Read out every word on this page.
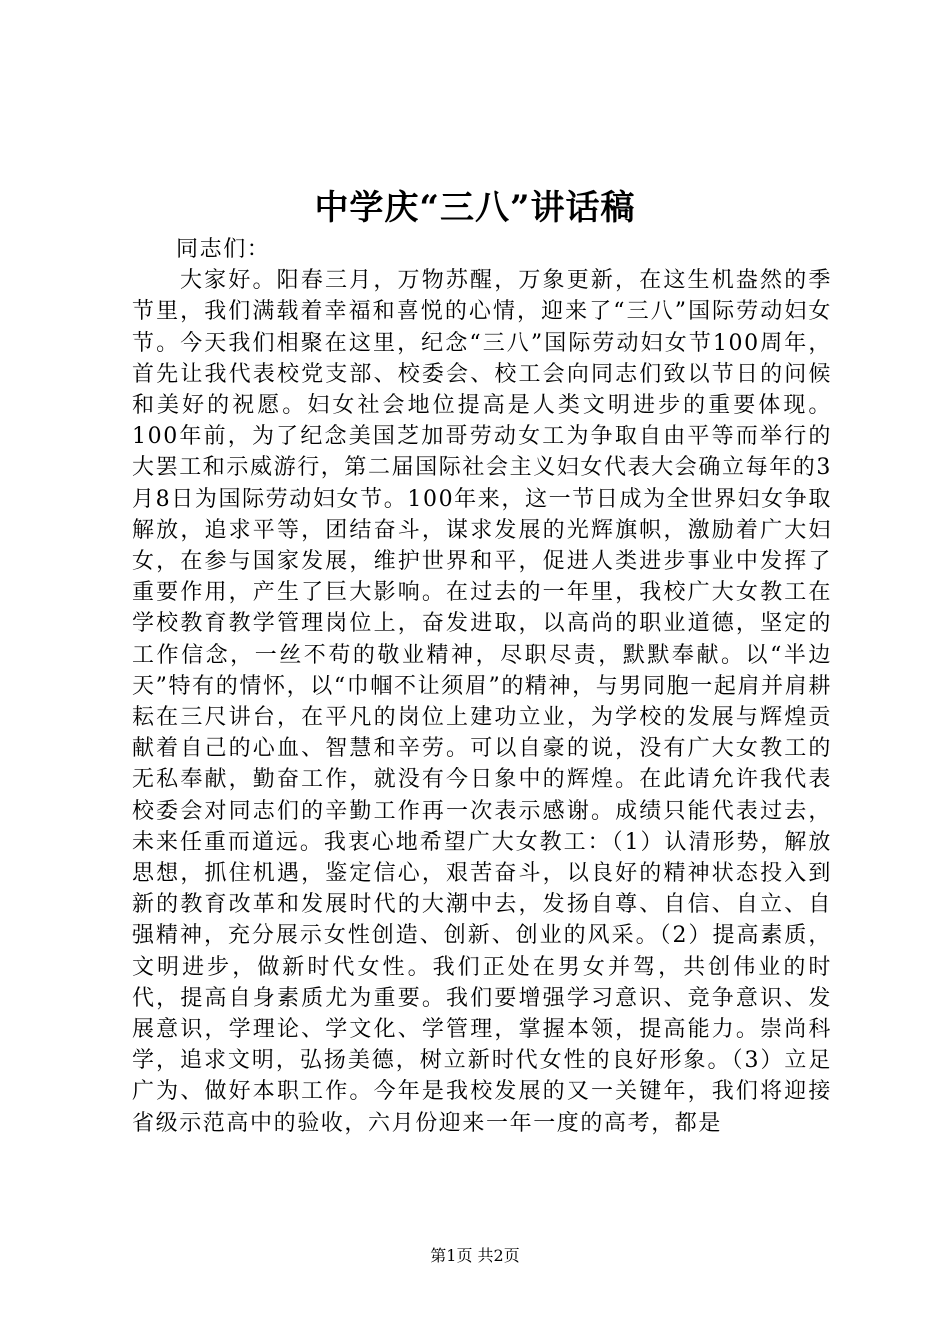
中学庆“三八”讲话稿

同志们：

大家好。阳春三月，万物苏醒，万象更新，在这生机盎然的季节里，我们满载着幸福和喜悦的心情，迎来了“三八”国际劳动妇女节。今天我们相聚在这里，纪念“三八”国际劳动妇女节100周年，首先让我代表校党支部、校委会、校工会向同志们致以节日的问候和美好的祝愿。妇女社会地位提高是人类文明进步的重要体现。100年前，为了纪念美国芝加哥劳动女工为争取自由平等而举行的大罢工和示威游行，第二届国际社会主义妇女代表大会确立每年的3月8日为国际劳动妇女节。100年来，这一节日成为全世界妇女争取解放，追求平等，团结奋斗，谋求发展的光辉旗帜，激励着广大妇女，在参与国家发展，维护世界和平，促进人类进步事业中发挥了重要作用，产生了巨大影响。在过去的一年里，我校广大女教工在学校教育教学管理岗位上，奋发进取，以高尚的职业道德，坚定的工作信念，一丝不苟的敬业精神，尽职尽责，默默奉献。以“半边天”特有的情怀，以“巾帼不让须眉”的精神，与男同胞一起肩并肩耕耘在三尺讲台，在平凡的岗位上建功立业，为学校的发展与辉煌贡献着自己的心血、智慧和辛劳。可以自豪的说，没有广大女教工的无私奉献，勤奋工作，就没有今日象中的辉煌。在此请允许我代表校委会对同志们的辛勤工作再一次表示感谢。成绩只能代表过去，未来任重而道远。我衷心地希望广大女教工：（1）认清形势，解放思想，抓住机遇，鉴定信心，艰苦奋斗，以良好的精神状态投入到新的教育改革和发展时代的大潮中去，发扬自尊、自信、自立、自强精神，充分展示女性创造、创新、创业的风采。（2）提高素质，文明进步，做新时代女性。我们正处在男女并驾，共创伟业的时代，提高自身素质尤为重要。我们要增强学习意识、竞争意识、发展意识，学理论、学文化、学管理，掌握本领，提高能力。崇尚科学，追求文明，弘扬美德，树立新时代女性的良好形象。（3）立足广为、做好本职工作。今年是我校发展的又一关键年，我们将迎接省级示范高中的验收，六月份迎来一年一度的高考，都是

第1页 共2页
